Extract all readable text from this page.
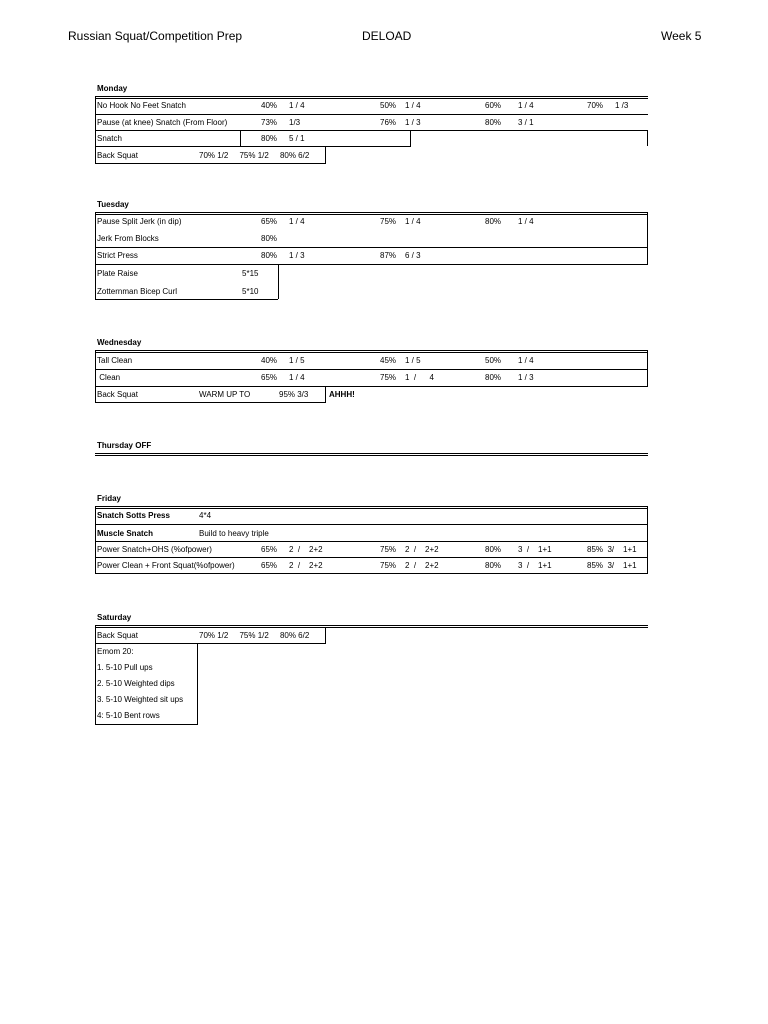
Russian Squat/Competition Prep	DELOAD	Week 5
Monday
No Hook No Feet Snatch	40% 1 / 4	50% 1 / 4	60% 1 / 4	70% 1 /3
Pause (at knee) Snatch (From Floor)	73% 1/3	76% 1 / 3	80% 3 / 1
Snatch	80% 5 / 1
Back Squat	70% 1/2     75% 1/2     80% 6/2
Tuesday
Pause Split Jerk (in dip)	65% 1 / 4	75% 1 / 4	80% 1 / 4
Jerk From Blocks	80%
Strict Press	80% 1 / 3	87% 6 / 3
Plate Raise	5*15
Zotternman Bicep Curl	5*10
Wednesday
Tall Clean	40% 1 / 5	45% 1 / 5	50% 1 / 4
Clean	65% 1 / 4	75% 1  /      4	80% 1 / 3
Back Squat	WARM UP TO	95% 3/3	AHHH!
Thursday OFF
Friday
Snatch Sotts Press	4*4
Muscle Snatch	Build to heavy triple
Power Snatch+OHS (%ofpower)	65% 2  /    2+2	75% 2  /    2+2	80% 3  /    1+1	85%  3/ 1+1
Power Clean + Front Squat(%ofpower)	65% 2  /    2+2	75% 2  /    2+2	80% 3  /    1+1	85%  3/ 1+1
Saturday
Back Squat	70% 1/2     75% 1/2     80% 6/2
Emom 20:
1. 5-10 Pull ups
2. 5-10 Weighted dips
3. 5-10 Weighted sit ups
4: 5-10 Bent rows
